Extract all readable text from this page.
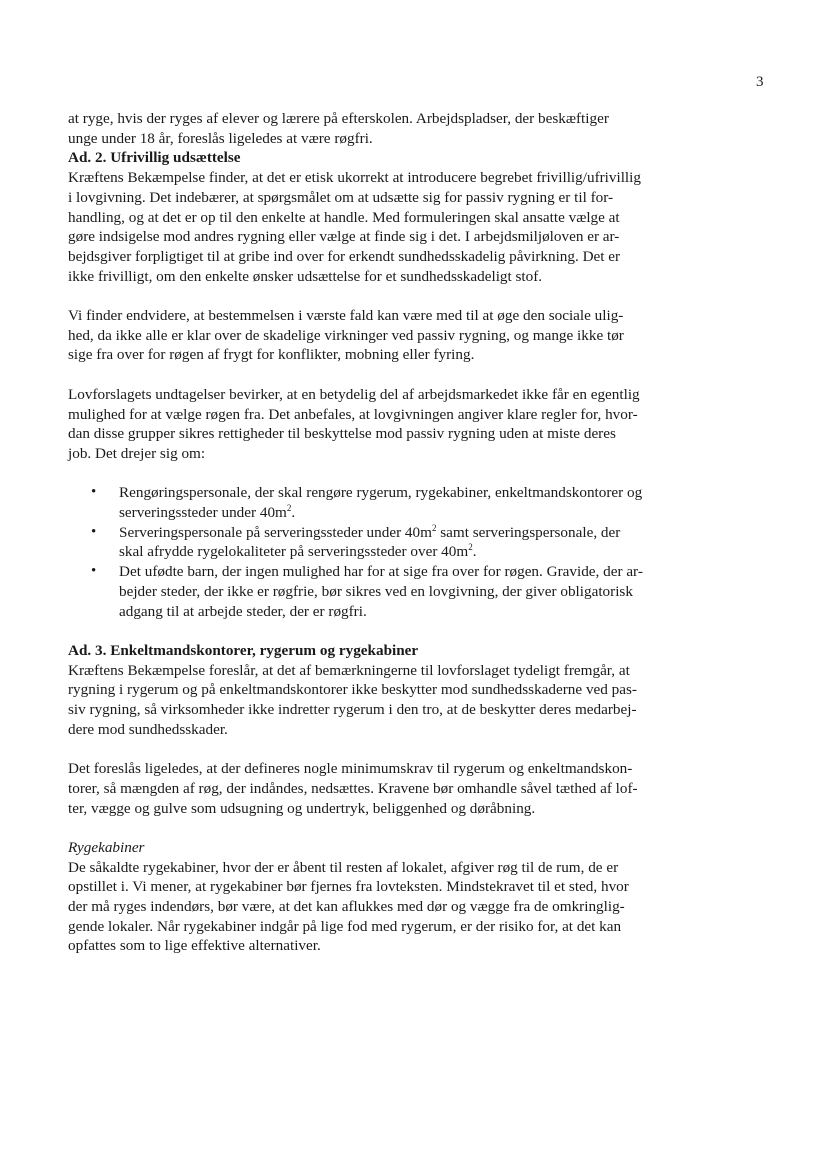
3
at ryge, hvis der ryges af elever og lærere på efterskolen. Arbejdspladser, der beskæftiger
unge under 18 år, foreslås ligeledes at være røgfri.
Ad. 2. Ufrivillig udsættelse
Kræftens Bekæmpelse finder, at det er etisk ukorrekt at introducere begrebet frivillig/ufrivillig
i lovgivning. Det indebærer, at spørgsmålet om at udsætte sig for passiv rygning er til for-
handling, og at det er op til den enkelte at handle. Med formuleringen skal ansatte vælge at
gøre indsigelse mod andres rygning eller vælge at finde sig i det. I arbejdsmiljøloven er ar-
bejdsgiver forpligtiget til at gribe ind over for erkendt sundhedsskadelig påvirkning. Det er
ikke frivilligt, om den enkelte ønsker udsættelse for et sundhedsskadeligt stof.
Vi finder endvidere, at bestemmelsen i værste fald kan være med til at øge den sociale ulig-
hed, da ikke alle er klar over de skadelige virkninger ved passiv rygning, og mange ikke tør
sige fra over for røgen af frygt for konflikter, mobning eller fyring.
Lovforslagets undtagelser bevirker, at en betydelig del af arbejdsmarkedet ikke får en egentlig
mulighed for at vælge røgen fra. Det anbefales, at lovgivningen angiver klare regler for, hvor-
dan disse grupper sikres rettigheder til beskyttelse mod passiv rygning uden at miste deres
job. Det drejer sig om:
• Rengøringspersonale, der skal rengøre rygerum, rygekabiner, enkeltmandskontorer og
serveringssteder under $40m^2$.
• Serveringspersonale på serveringssteder under $40m^2$ samt serveringspersonale, der
skal afrydde rygelokaliteter på serveringssteder over $40m^2$.
• Det ufødte barn, der ingen mulighed har for at sige fra over for røgen. Gravide, der ar-
bejder steder, der ikke er røgfrie, bør sikres ved en lovgivning, der giver obligatorisk
adgang til at arbejde steder, der er røgfri.
Ad. 3. Enkeltmandskontorer, rygerum og rygekabiner
Kræftens Bekæmpelse foreslår, at det af bemærkningerne til lovforslaget tydeligt fremgår, at
rygning i rygerum og på enkeltmandskontorer ikke beskytter mod sundhedsskaderne ved pas-
siv rygning, så virksomheder ikke indretter rygerum i den tro, at de beskytter deres medarbej-
dere mod sundhedsskader.
Det foreslås ligeledes, at der defineres nogle minimumskrav til rygerum og enkeltmandskon-
torer, så mængden af røg, der indåndes, nedsættes. Kravene bør omhandle såvel tæthed af lof-
ter, vægge og gulve som udsugning og undertryk, beliggenhed og døråbning.
Rygekabiner
De såkaldte rygekabiner, hvor der er åbent til resten af lokalet, afgiver røg til de rum, de er
opstillet i. Vi mener, at rygekabiner bør fjernes fra lovteksten. Mindstekravet til et sted, hvor
der må ryges indendørs, bør være, at det kan aflukkes med dør og vægge fra de omkringlig-
gende lokaler. Når rygekabiner indgår på lige fod med rygerum, er der risiko for, at det kan
opfattes som to lige effektive alternativer.
